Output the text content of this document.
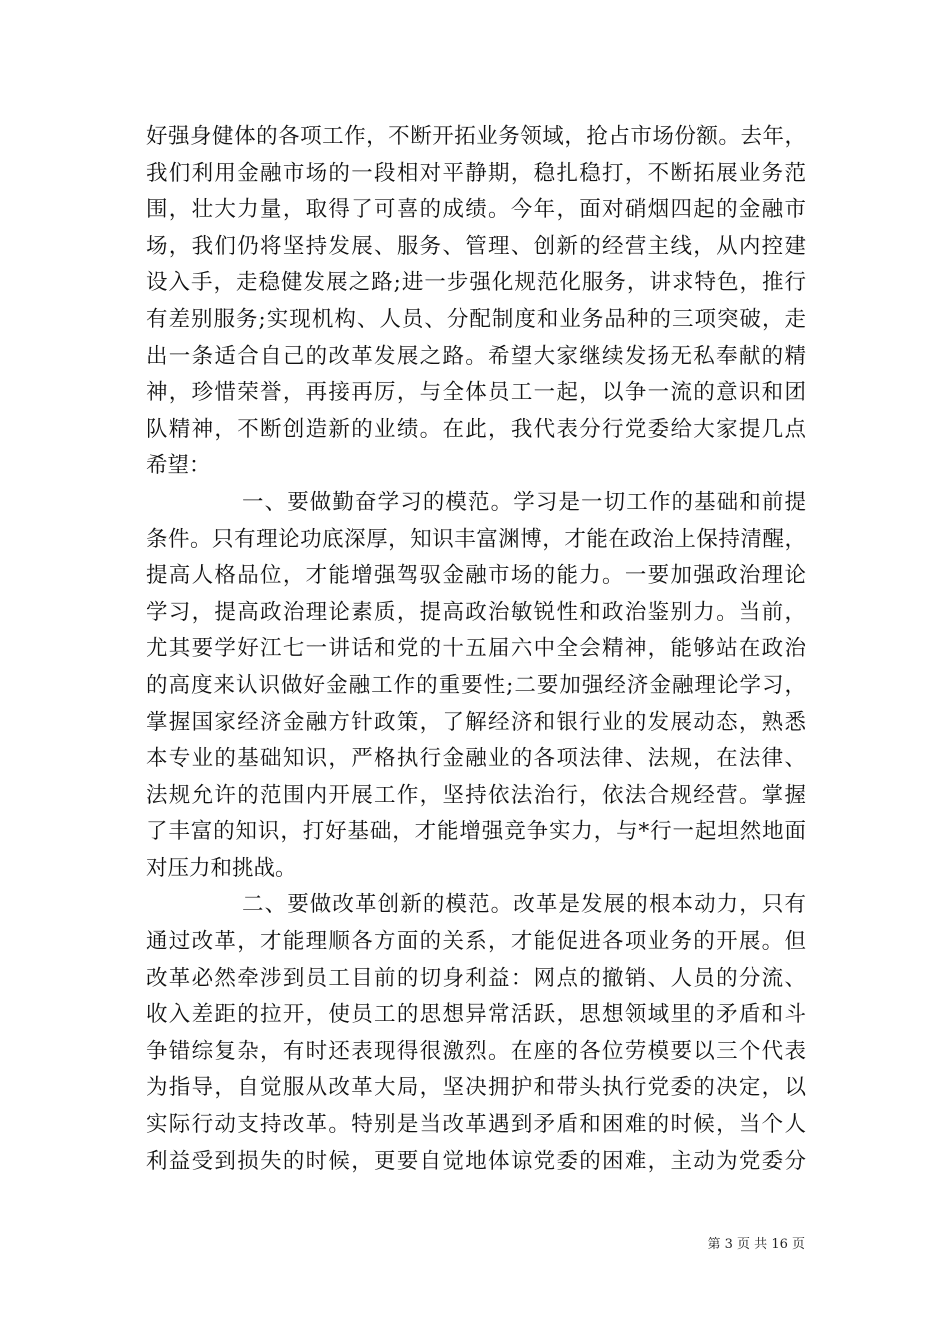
好强身健体的各项工作，不断开拓业务领域，抢占市场份额。去年，
我们利用金融市场的一段相对平静期，稳扎稳打，不断拓展业务范
围，壮大力量，取得了可喜的成绩。今年，面对硝烟四起的金融市
场，我们仍将坚持发展、服务、管理、创新的经营主线，从内控建
设入手，走稳健发展之路;进一步强化规范化服务，讲求特色，推行
有差别服务;实现机构、人员、分配制度和业务品种的三项突破，走
出一条适合自己的改革发展之路。希望大家继续发扬无私奉献的精
神，珍惜荣誉，再接再厉，与全体员工一起，以争一流的意识和团
队精神，不断创造新的业绩。在此，我代表分行党委给大家提几点
希望：
一、要做勤奋学习的模范。学习是一切工作的基础和前提
条件。只有理论功底深厚，知识丰富渊博，才能在政治上保持清醒，
提高人格品位，才能增强驾驭金融市场的能力。一要加强政治理论
学习，提高政治理论素质，提高政治敏锐性和政治鉴别力。当前，
尤其要学好江七一讲话和党的十五届六中全会精神，能够站在政治
的高度来认识做好金融工作的重要性;二要加强经济金融理论学习，
掌握国家经济金融方针政策，了解经济和银行业的发展动态，熟悉
本专业的基础知识，严格执行金融业的各项法律、法规，在法律、
法规允许的范围内开展工作，坚持依法治行，依法合规经营。掌握
了丰富的知识，打好基础，才能增强竞争实力，与*行一起坦然地面
对压力和挑战。
二、要做改革创新的模范。改革是发展的根本动力，只有
通过改革，才能理顺各方面的关系，才能促进各项业务的开展。但
改革必然牵涉到员工目前的切身利益：网点的撤销、人员的分流、
收入差距的拉开，使员工的思想异常活跃，思想领域里的矛盾和斗
争错综复杂，有时还表现得很激烈。在座的各位劳模要以三个代表
为指导，自觉服从改革大局，坚决拥护和带头执行党委的决定，以
实际行动支持改革。特别是当改革遇到矛盾和困难的时候，当个人
利益受到损失的时候，更要自觉地体谅党委的困难，主动为党委分
第 3 页 共 16 页
